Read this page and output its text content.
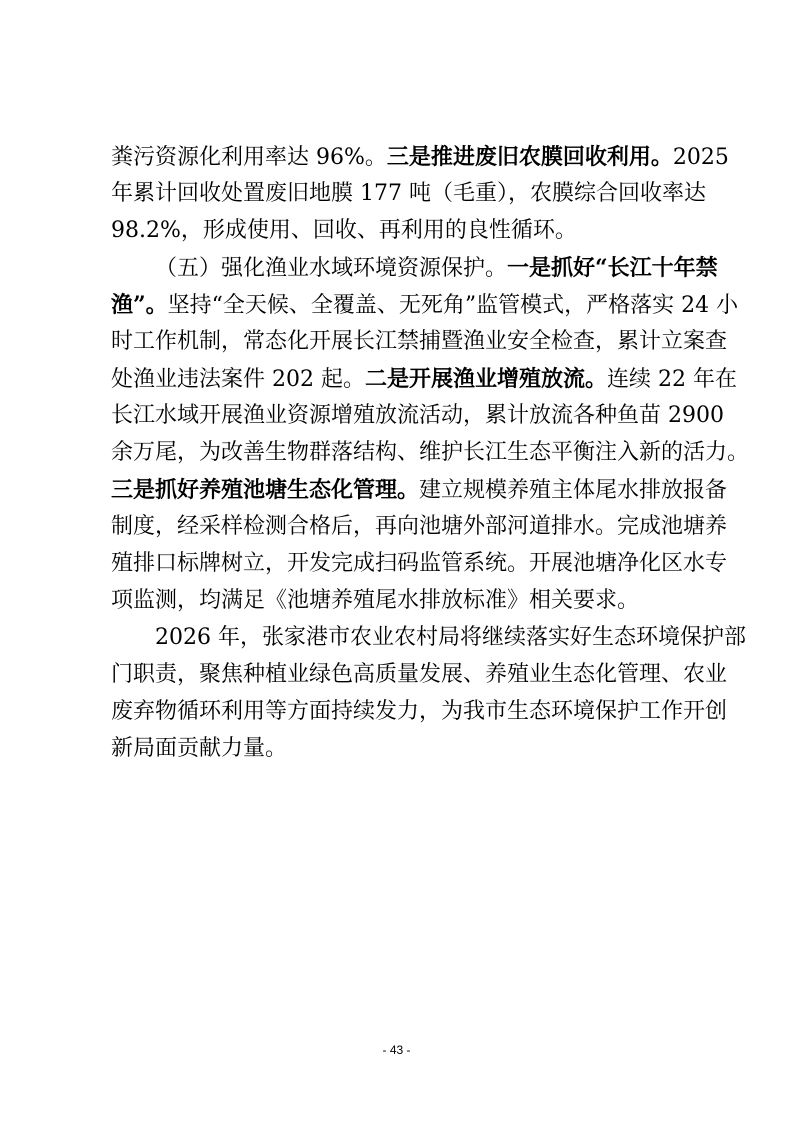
粪污资源化利用率达 96%。三是推进废旧农膜回收利用。2025
年累计回收处置废旧地膜 177 吨（毛重），农膜综合回收率达
98.2%，形成使用、回收、再利用的良性循环。
（五）强化渔业水域环境资源保护。一是抓好“长江十年禁
渔”。坚持“全天候、全覆盖、无死角”监管模式，严格落实 24 小
时工作机制，常态化开展长江禁捕暨渔业安全检查，累计立案查
处渔业违法案件 202 起。二是开展渔业增殖放流。连续 22 年在
长江水域开展渔业资源增殖放流活动，累计放流各种鱼苗 2900
余万尾，为改善生物群落结构、维护长江生态平衡注入新的活力。
三是抓好养殖池塘生态化管理。建立规模养殖主体尾水排放报备
制度，经采样检测合格后，再向池塘外部河道排水。完成池塘养
殖排口标牌树立，开发完成扫码监管系统。开展池塘净化区水专
项监测，均满足《池塘养殖尾水排放标准》相关要求。
2026 年，张家港市农业农村局将继续落实好生态环境保护部
门职责，聚焦种植业绿色高质量发展、养殖业生态化管理、农业
废弃物循环利用等方面持续发力，为我市生态环境保护工作开创
新局面贡献力量。
- 43 -
